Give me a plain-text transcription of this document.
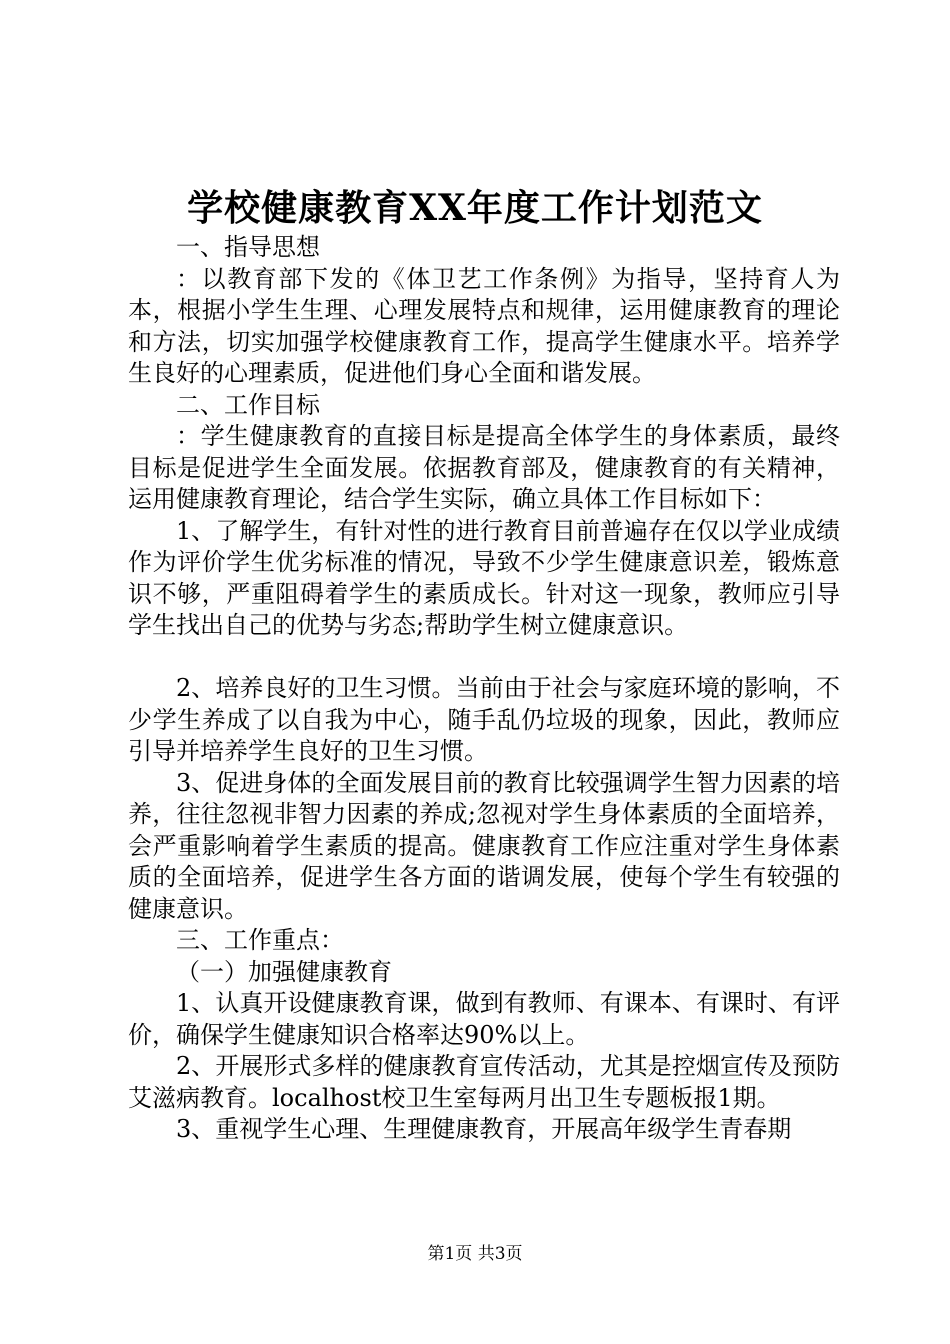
学校健康教育XX年度工作计划范文

一、指导思想

：以教育部下发的《体卫艺工作条例》为指导，坚持育人为本，根据小学生生理、心理发展特点和规律，运用健康教育的理论和方法，切实加强学校健康教育工作，提高学生健康水平。培养学生良好的心理素质，促进他们身心全面和谐发展。

二、工作目标

：学生健康教育的直接目标是提高全体学生的身体素质，最终目标是促进学生全面发展。依据教育部及，健康教育的有关精神，运用健康教育理论，结合学生实际，确立具体工作目标如下：

1、了解学生，有针对性的进行教育目前普遍存在仅以学业成绩作为评价学生优劣标准的情况，导致不少学生健康意识差，锻炼意识不够，严重阻碍着学生的素质成长。针对这一现象，教师应引导学生找出自己的优势与劣态;帮助学生树立健康意识。

2、培养良好的卫生习惯。当前由于社会与家庭环境的影响，不少学生养成了以自我为中心，随手乱仍垃圾的现象，因此，教师应引导并培养学生良好的卫生习惯。

3、促进身体的全面发展目前的教育比较强调学生智力因素的培养，往往忽视非智力因素的养成;忽视对学生身体素质的全面培养，会严重影响着学生素质的提高。健康教育工作应注重对学生身体素质的全面培养，促进学生各方面的谐调发展，使每个学生有较强的健康意识。

三、工作重点：

（一）加强健康教育

1、认真开设健康教育课，做到有教师、有课本、有课时、有评价，确保学生健康知识合格率达90%以上。

2、开展形式多样的健康教育宣传活动，尤其是控烟宣传及预防艾滋病教育。localhost校卫生室每两月出卫生专题板报1期。

3、重视学生心理、生理健康教育，开展高年级学生青春期

第1页 共3页
